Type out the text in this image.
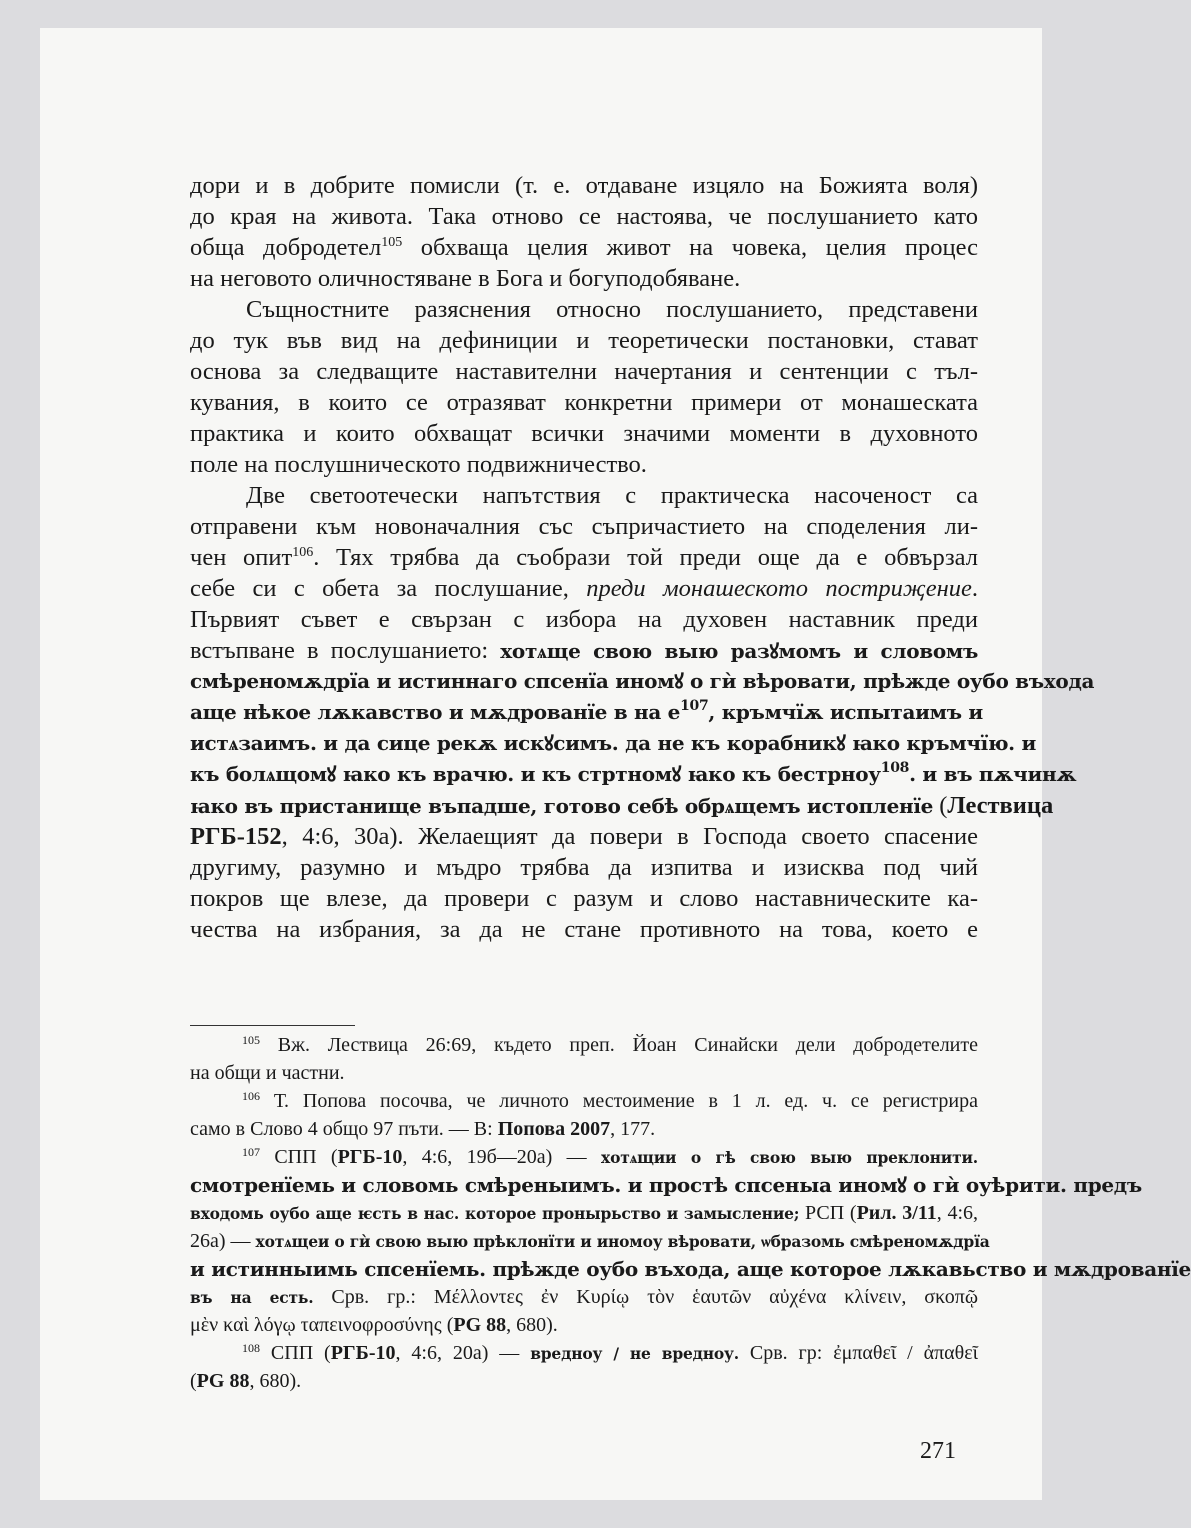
дори и в добрите помисли (т. е. отдаване изцяло на Божията воля)
до края на живота. Така отново се настоява, че послушанието като
обща добродетел$^{105}$ обхваща целия живот на човека, целия процес
на неговото оличностяване в Бога и богуподобяване.
Същностните разяснения относно послушанието, представени
до тук във вид на дефиниции и теоретически постановки, стават
основа за следващите наставителни начертания и сентенции с тъл-
кувания, в които се отразяват конкретни примери от монашеската
практика и които обхващат всички значими моменти в духовното
поле на послушническото подвижничество.
Две светоотечески напътствия с практическа насоченост са
отправени към новоначалния със съпричастието на споделения ли-
чен опит$^{106}$. Тях трябва да съобрази той преди още да е обвързал
себе си с обета за послушание, преди монашеското постриҗение.
Първият съвет е свързан с избора на духовен наставник преди
встъпване в послушанието: хотѧще свою выю разꙋмомъ и словомъ
смѣреномѫдрїа и истиннаго спсенїа иномꙋ о гѝ вѣровати, прѣжде оубо въхода
аще нѣкое лѫкавство и мѫдрованїе в на $е^{107}$, кръмчїѫ испытаимъ и
истѧзаимъ. и да сице рекѫ искꙋсимъ. да не къ корабникꙋ ꙗко кръмчїю. и
къ болѧщомꙋ ꙗко къ врачю. и къ стртномꙋ ꙗко къ бестрноу$^{108}$. и въ пѫчинѫ
ꙗко въ пристанище въпадше, готово себѣ обрѧщемъ истопленїе (Лествица
РГБ-152, 4:6, 30а). Желаещият да повери в Господа своето спасение
другиму, разумно и мъдро трябва да изпитва и изисква под чий
покров ще влезе, да провери с разум и слово наставническите ка-
чества на избрания, за да не стане противното на това, което е
$^{105}$ Вж. Лествица 26:69, където преп. Йоан Синайски дели добродетелите
на общи и частни.
$^{106}$ Т. Попова посочва, че личното местоимение в 1 л. ед. ч. се регистрира
само в Слово 4 общо 97 пъти. — В: Попова 2007, 177.
$^{107}$ СПП (РГБ-10, 4:6, 19б—20а) — хотѧщии о гѣ свою выю преклонити.
смотренїемь и словомь смѣреныимъ. и простѣ спсеныа иномꙋ о гѝ оуѣрити. предъ
входомь оубо аще ѥсть в нас. которое пронырьство и замысление; РСП (Рил. 3/11, 4:6,
26а) — хотѧщеи о гѝ свою выю прѣклонїти и иномоу вѣровати, ѡбразомь смѣреномѫдрїа
и истинныимь спсенїемь. прѣжде оубо въхода, аще которое лѫкавьство и мѫдрованїе
въ на есть. Срв. гр.: Μέλλοντες ἐν Κυρίῳ τὸν ἑαυτῶν αὐχένα κλίνειν, σκοπῷ
μὲν καὶ λόγῳ ταπεινοφροσύνης (PG 88, 680).
$^{108}$ СПП (РГБ-10, 4:6, 20а) — вредноу / не вредноу. Срв. гр: ἐμπαθεῖ / ἀπαθεῖ
(PG 88, 680).
271
